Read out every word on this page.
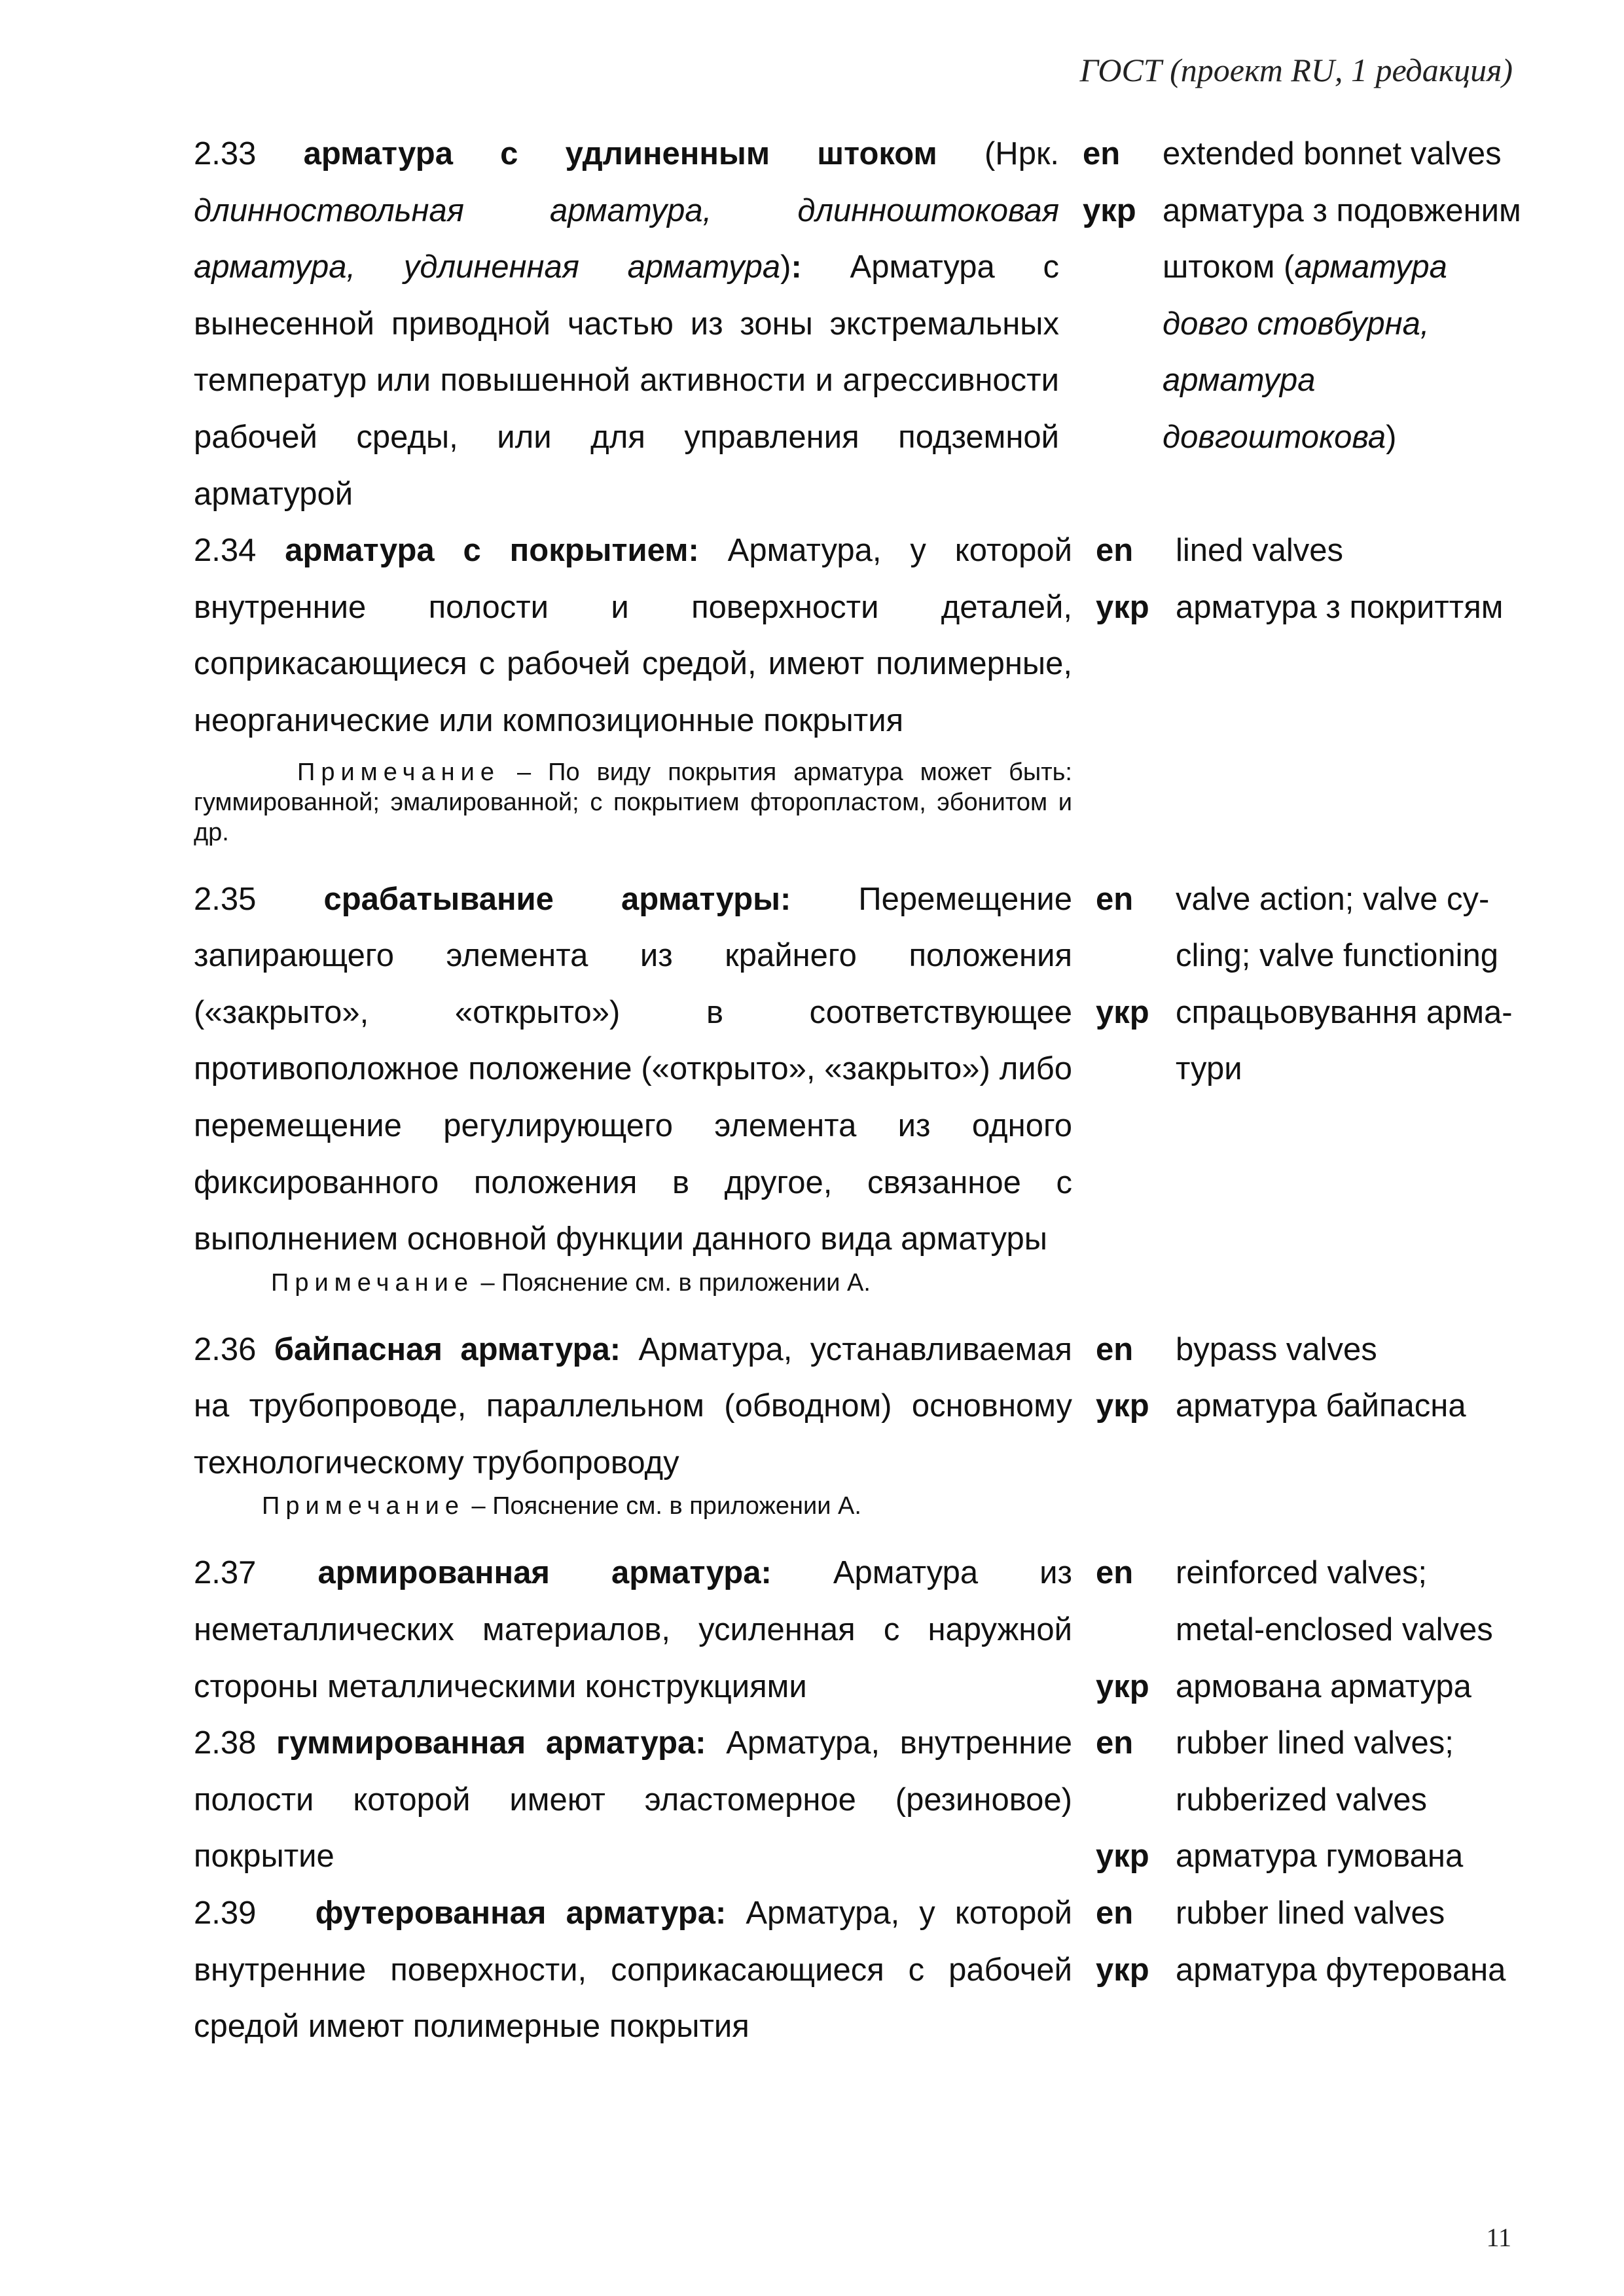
ГОСТ (проект RU, 1 редакция)
2.33 арматура с удлиненным штоком (Нрк. длинноствольная арматура, длинноштоковая арматура, удлиненная арматура): Арматура с вынесенной приводной частью из зоны экстремальных температур или повышенной активности и агрессивности рабочей среды, или для управления подземной арматурой
en	extended bonnet valves
укр арматура з подовженим штоком (арматура довго стовбурна, арматура довгоштокова)
2.34 арматура с покрытием: Арматура, у которой внутренние полости и поверхности деталей, соприкасающиеся с рабочей средой, имеют полимерные, неорганические или композиционные покрытия
en	lined valves
укр арматура з покриттям
Примечание – По виду покрытия арматура может быть: гуммированной; эмалированной; с покрытием фторопластом, эбонитом и др.
2.35 срабатывание арматуры: Перемещение запирающего элемента из крайнего положения («закрыто», «открыто») в соответствующее противоположное положение («открыто», «закрыто») либо перемещение регулирующего элемента из одного фиксированного положения в другое, связанное с выполнением основной функции данного вида арматуры
en	valve action; valve cy-
cling; valve functioning
укр спрацьовування арма-
тури
Примечание – Пояснение см. в приложении А.
2.36 байпасная арматура: Арматура, устанавливаемая на трубопроводе, параллельном (обводном) основному технологическому трубопроводу
en	bypass valves
укр арматура байпасна
Примечание – Пояснение см. в приложении А.
2.37 армированная арматура: Арматура из неметаллических материалов, усиленная с наружной стороны металлическими конструкциями
en	reinforced valves;
metal-enclosed valves
укр армована арматура
2.38 гуммированная арматура: Арматура, внутренние полости которой имеют эластомерное (резиновое) покрытие
en	rubber lined valves;
rubberized valves
укр арматура гумована
2.39 футерованная арматура: Арматура, у которой внутренние поверхности, соприкасающиеся с рабочей средой имеют полимерные покрытия
en	rubber lined valves
укр арматура футерована
11
